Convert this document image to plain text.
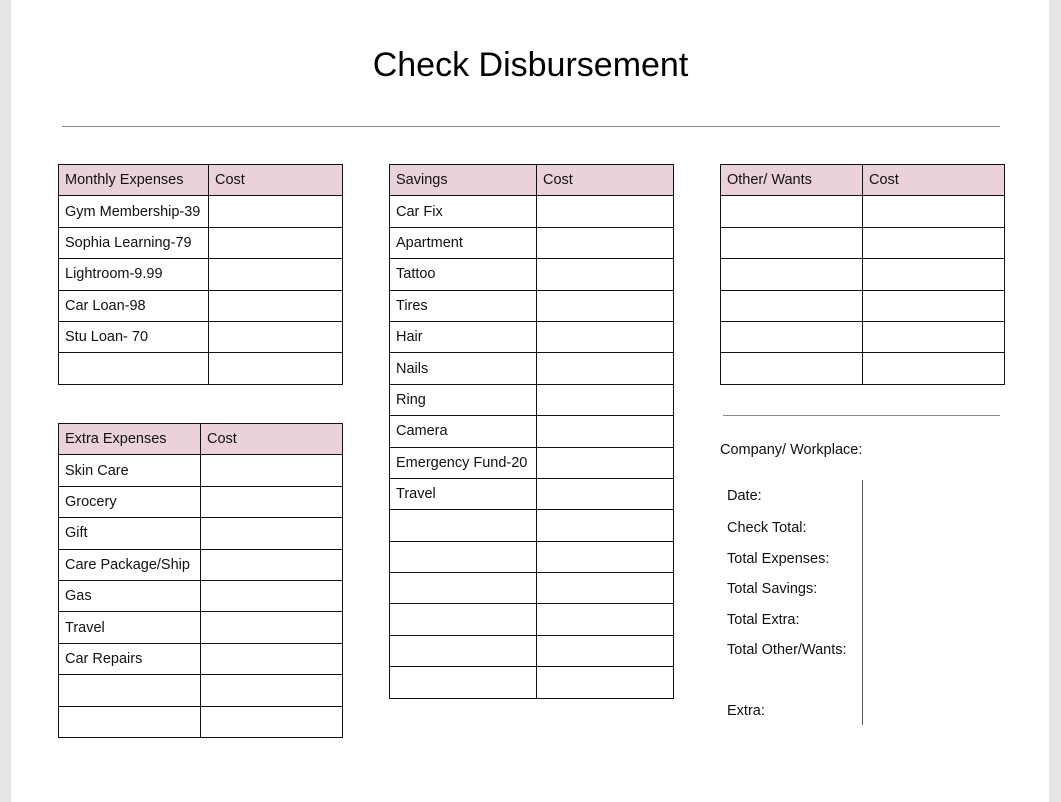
Check Disbursement
Monthly Expenses	Cost
Gym Membership-39	
Sophia Learning-79	
Lightroom-9.99	
Car Loan-98	
Stu Loan- 70	

Extra Expenses	Cost
Skin Care	
Grocery	
Gift	
Care Package/Ship	
Gas	
Travel	
Car Repairs	

Savings	Cost
Car Fix	
Apartment	
Tattoo	
Tires	
Hair	
Nails	
Ring	
Camera	
Emergency Fund-20	
Travel	

Other/ Wants	Cost

Company/ Workplace:
Date:
Check Total:
Total Expenses:
Total Savings:
Total Extra:
Total Other/Wants:
Extra:
